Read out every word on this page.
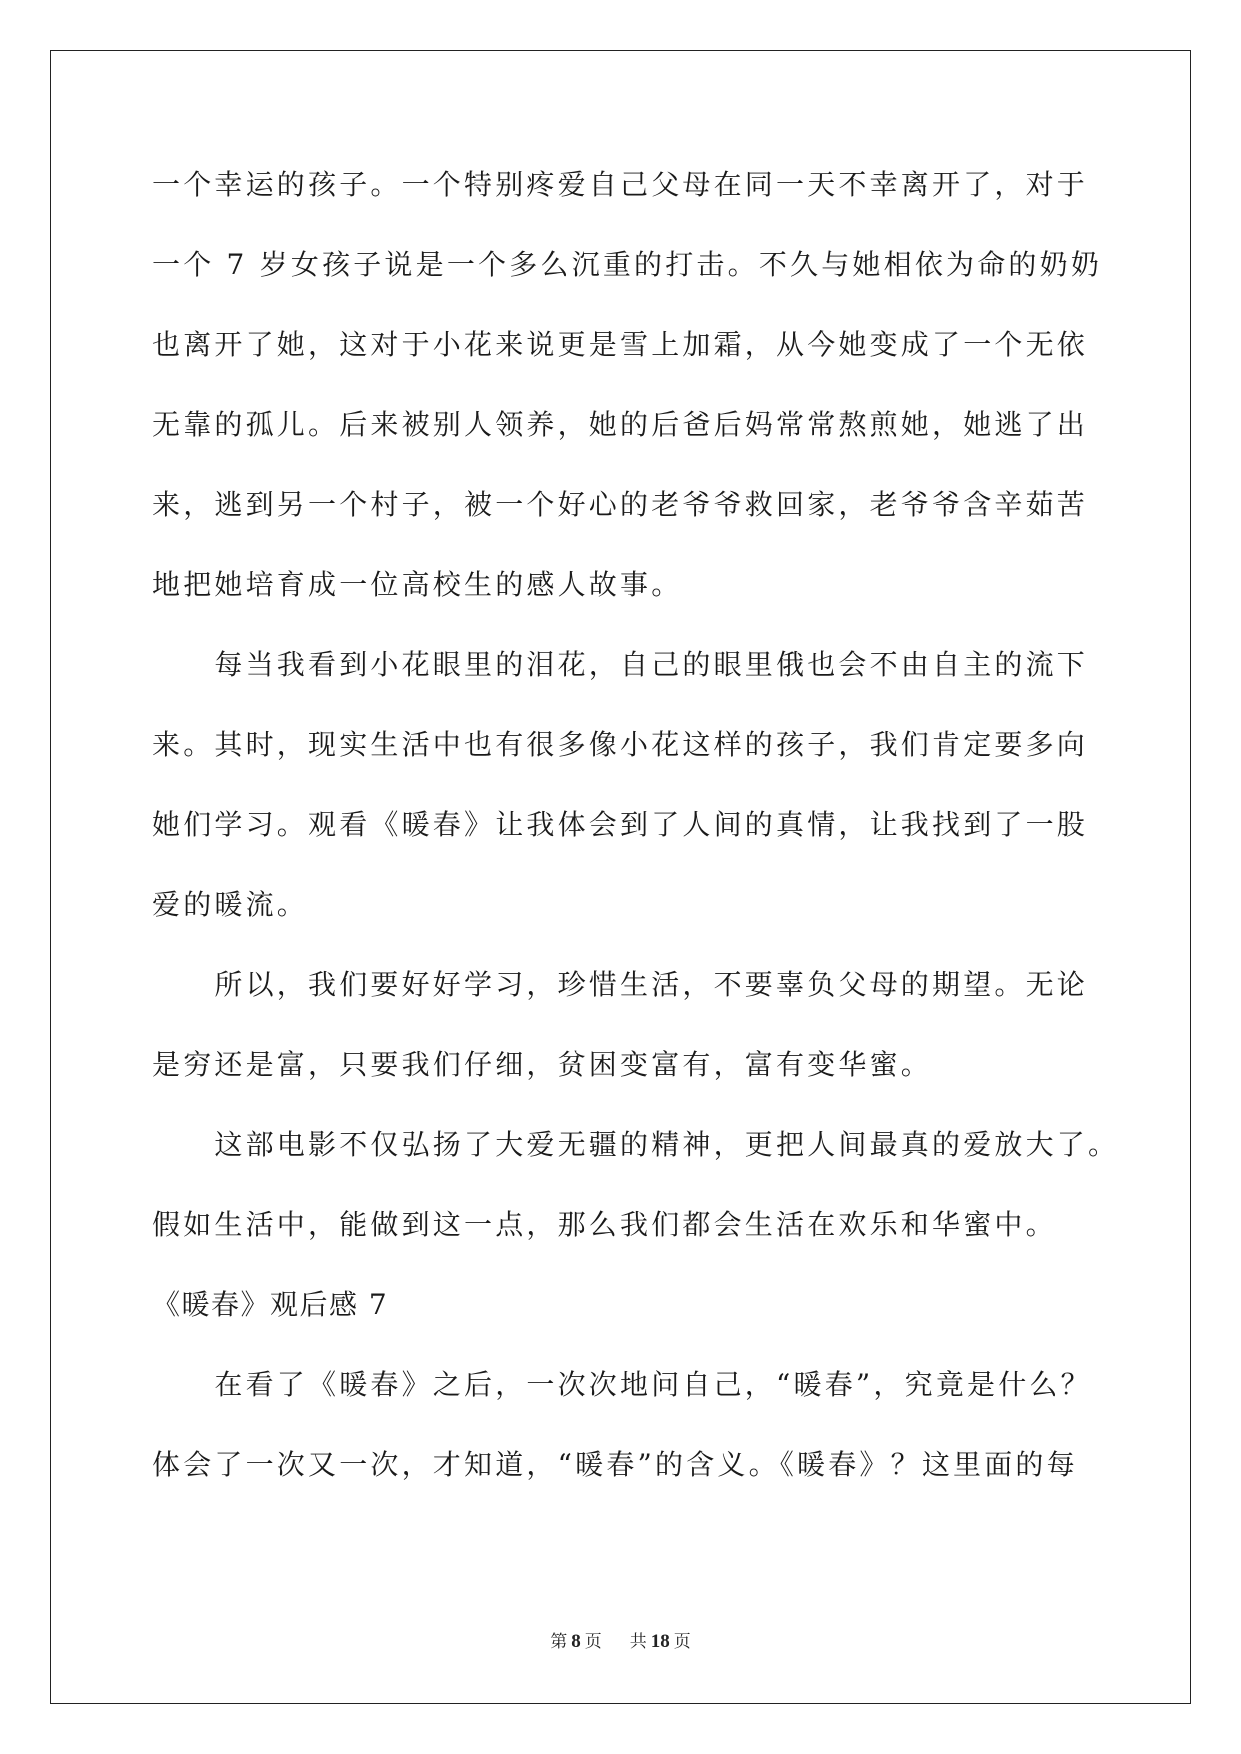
一个幸运的孩子。一个特别疼爱自己父母在同一天不幸离开了，对于
一个 7 岁女孩子说是一个多么沉重的打击。不久与她相依为命的奶奶
也离开了她，这对于小花来说更是雪上加霜，从今她变成了一个无依
无靠的孤儿。后来被别人领养，她的后爸后妈常常熬煎她，她逃了出
来，逃到另一个村子，被一个好心的老爷爷救回家，老爷爷含辛茹苦
地把她培育成一位高校生的感人故事。
　　每当我看到小花眼里的泪花，自己的眼里俄也会不由自主的流下
来。其时，现实生活中也有很多像小花这样的孩子，我们肯定要多向
她们学习。观看《暖春》让我体会到了人间的真情，让我找到了一股
爱的暖流。
　　所以，我们要好好学习，珍惜生活，不要辜负父母的期望。无论
是穷还是富，只要我们仔细，贫困变富有，富有变华蜜。
　　这部电影不仅弘扬了大爱无疆的精神，更把人间最真的爱放大了。
假如生活中，能做到这一点，那么我们都会生活在欢乐和华蜜中。
《暖春》观后感 7
　　在看了《暖春》之后，一次次地问自己，“暖春”，究竟是什么？
体会了一次又一次，才知道，“暖春”的含义。《暖春》？这里面的每
第 8 页 共 18 页
